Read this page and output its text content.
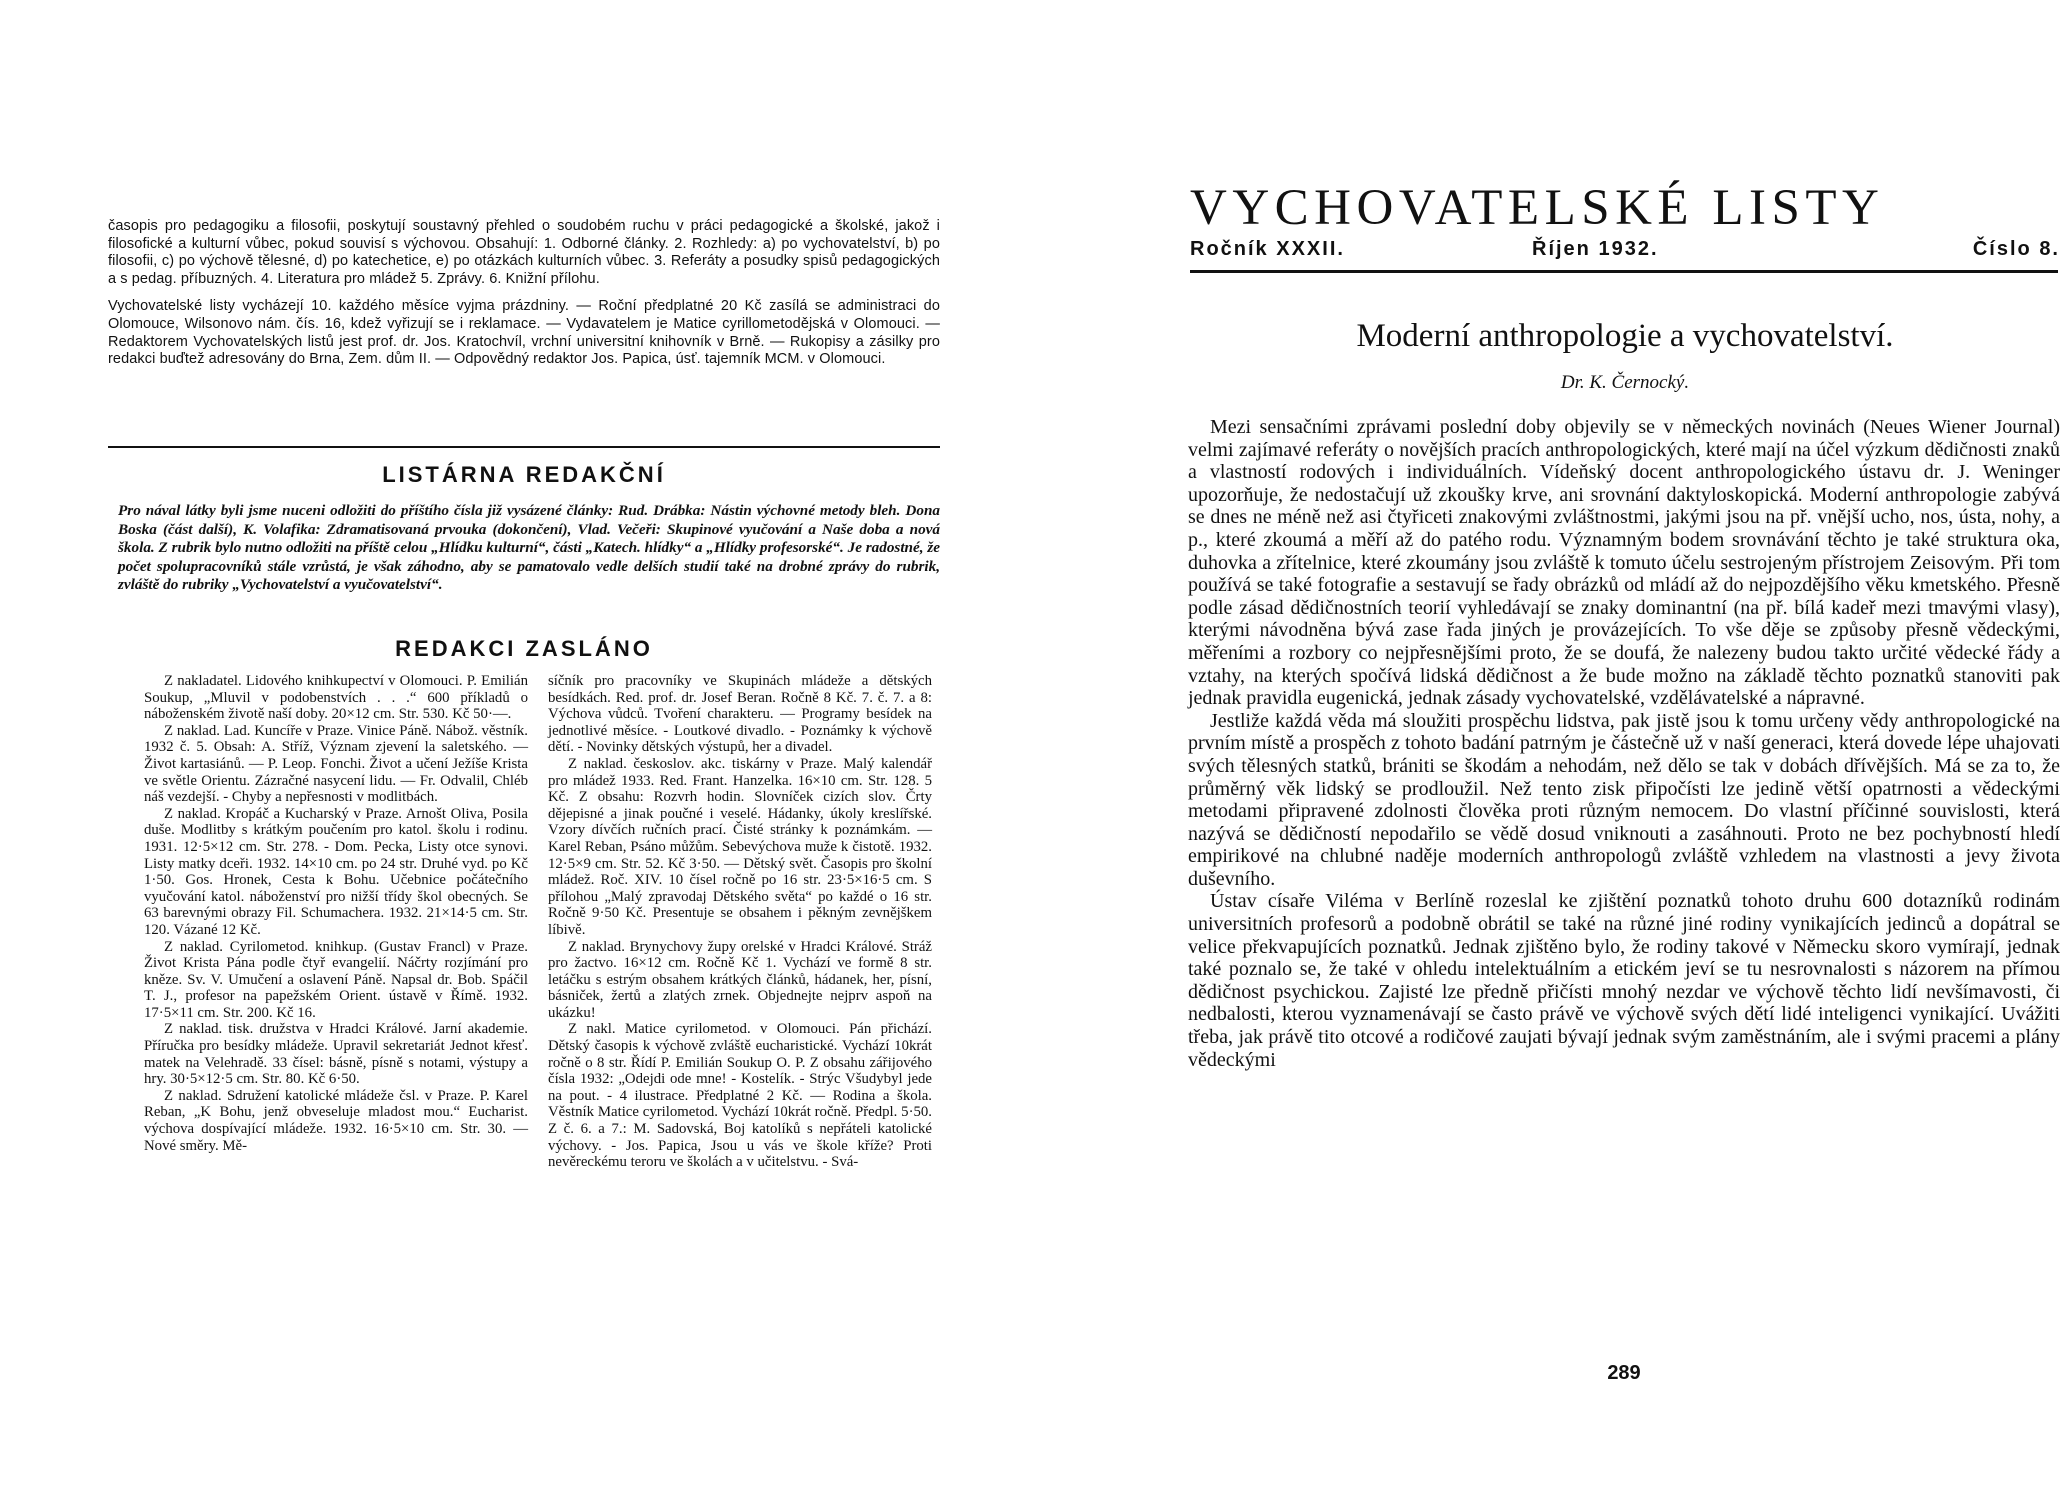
časopis pro pedagogiku a filosofii, poskytují soustavný přehled o soudobém ruchu v práci pedagogické a školské, jakož i filosofické a kulturní vůbec, pokud souvisí s výchovou. Obsahují: 1. Odborné články. 2. Rozhledy: a) po vychovatelství, b) po filosofii, c) po výchově tělesné, d) po katechetice, e) po otázkách kulturních vůbec. 3. Referáty a posudky spisů pedagogických a s pedag. příbuzných. 4. Literatura pro mládež 5. Zprávy. 6. Knižní přílohu.

Vychovatelské listy vycházejí 10. každého měsíce vyjma prázdniny. — Roční předplatné 20 Kč zasílá se administraci do Olomouce, Wilsonovo nám. čís. 16, kdež vyřizují se i reklamace. — Vydavatelem je Matice cyrillometodějská v Olomouci. — Redaktorem Vychovatelských listů jest prof. dr. Jos. Kratochvíl, vrchní universitní knihovník v Brně. — Rukopisy a zásilky pro redakci buďtež adresovány do Brna, Zem. dům II. — Odpovědný redaktor Jos. Papica, úsť. tajemník MCM. v Olomouci.

LISTÁRNA REDAKČNÍ
Pro nával látky byli jsme nuceni odložiti do příštího čísla již vysázené články: Rud. Drábka: Nástin výchovné metody bleh. Dona Boska (část další), K. Volafika: Zdramatisovaná prvouka (dokončení), Vlad. Večeři: Skupinové vyučování a Naše doba a nová škola. Z rubrik bylo nutno odložiti na příště celou „Hlídku kulturní“, části „Katech. hlídky“ a „Hlídky profesorské“. Je radostné, že počet spolupracovníků stále vzrůstá, je však záhodno, aby se pamatovalo vedle delších studií také na drobné zprávy do rubrik, zvláště do rubriky „Vychovatelství a vyučovatelství“.
REDAKCI ZASLÁNO

Z nakladatel. Lidového knihkupectví v Olomouci. P. Emilián Soukup, „Mluvil v podobenstvích . . .“ 600 příkladů o náboženském životě naší doby. 20×12 cm. Str. 530. Kč 50·—.

Z naklad. Lad. Kuncíře v Praze. Vinice Páně. Nábož. věstník. 1932 č. 5. Obsah: A. Stříž, Význam zjevení la saletského. — Život kartasiánů. — P. Leop. Fonchi. Život a učení Ježíše Krista ve světle Orientu. Zázračné nasycení lidu. — Fr. Odvalil, Chléb náš vezdejší. - Chyby a nepřesnosti v modlitbách.

Z naklad. Kropáč a Kucharský v Praze. Arnošt Oliva, Posila duše. Modlitby s krátkým poučením pro katol. školu i rodinu. 1931. 12·5×12 cm. Str. 278. - Dom. Pecka, Listy otce synovi. Listy matky dceři. 1932. 14×10 cm. po 24 str. Druhé vyd. po Kč 1·50. Gos. Hronek, Cesta k Bohu. Učebnice počátečního vyučování katol. náboženství pro nižší třídy škol obecných. Se 63 barevnými obrazy Fil. Schumachera. 1932. 21×14·5 cm. Str. 120. Vázané 12 Kč.

Z naklad. Cyrilometod. knihkup. (Gustav Francl) v Praze. Život Krista Pána podle čtyř evangelií. Náčrty rozjímání pro kněze. Sv. V. Umučení a oslavení Páně. Napsal dr. Bob. Spáčil T. J., profesor na papežském Orient. ústavě v Římě. 1932. 17·5×11 cm. Str. 200. Kč 16.

Z naklad. tisk. družstva v Hradci Králové. Jarní akademie. Příručka pro besídky mládeže. Upravil sekretariát Jednot křesť. matek na Velehradě. 33 čísel: básně, písně s notami, výstupy a hry. 30·5×12·5 cm. Str. 80. Kč 6·50.

Z naklad. Sdružení katolické mládeže čsl. v Praze. P. Karel Reban, „K Bohu, jenž obveseluje mladost mou.“ Eucharist. výchova dospívající mládeže. 1932. 16·5×10 cm. Str. 30. — Nové směry. Mě-

síčník pro pracovníky ve Skupinách mládeže a dětských besídkách. Red. prof. dr. Josef Beran. Ročně 8 Kč. 7. č. 7. a 8: Výchova vůdců. Tvoření charakteru. — Programy besídek na jednotlivé měsíce. - Loutkové divadlo. - Poznámky k výchově dětí. - Novinky dětských výstupů, her a divadel.

Z naklad. českoslov. akc. tiskárny v Praze. Malý kalendář pro mládež 1933. Red. Frant. Hanzelka. 16×10 cm. Str. 128. 5 Kč. Z obsahu: Rozvrh hodin. Slovníček cizích slov. Črty dějepisné a jinak poučné i veselé. Hádanky, úkoly kreslířské. Vzory dívčích ručních prací. Čisté stránky k poznámkám. — Karel Reban, Psáno můžům. Sebevýchova muže k čistotě. 1932. 12·5×9 cm. Str. 52. Kč 3·50. — Dětský svět. Časopis pro školní mládež. Roč. XIV. 10 čísel ročně po 16 str. 23·5×16·5 cm. S přílohou „Malý zpravodaj Dětského světa“ po každé o 16 str. Ročně 9·50 Kč. Presentuje se obsahem i pěkným zevnějškem líbivě.

Z naklad. Brynychovy župy orelské v Hradci Králové. Stráž pro žactvo. 16×12 cm. Ročně Kč 1. Vychází ve formě 8 str. letáčku s estrým obsahem krátkých článků, hádanek, her, písní, básniček, žertů a zlatých zrnek. Objednejte nejprv aspoň na ukázku!

Z nakl. Matice cyrilometod. v Olomouci. Pán přichází. Dětský časopis k výchově zvláště eucharistické. Vychází 10krát ročně o 8 str. Řídí P. Emilián Soukup O. P. Z obsahu zářijového čísla 1932: „Odejdi ode mne! - Kostelík. - Strýc Všudybyl jede na pout. - 4 ilustrace. Předplatné 2 Kč. — Rodina a škola. Věstník Matice cyrilometod. Vychází 10krát ročně. Předpl. 5·50. Z č. 6. a 7.: M. Sadovská, Boj katolíků s nepřáteli katolické výchovy. - Jos. Papica, Jsou u vás ve škole kříže? Proti nevěreckému teroru ve školách a v učitelstvu. - Svá-

VYCHOVATELSKÉ LISTY
Ročník XXXII.	Říjen 1932.	Číslo 8.
Moderní anthropologie a vychovatelství.
Dr. K. Černocký.

Mezi sensačními zprávami poslední doby objevily se v německých novinách (Neues Wiener Journal) velmi zajímavé referáty o novějších pracích anthropologických, které mají na účel výzkum dědičnosti znaků a vlastností rodových i individuálních. Vídeňský docent anthropologického ústavu dr. J. Weninger upozorňuje, že nedostačují už zkoušky krve, ani srovnání daktyloskopická. Moderní anthropologie zabývá se dnes ne méně než asi čtyřiceti znakovými zvláštnostmi, jakými jsou na př. vnější ucho, nos, ústa, nohy, a p., které zkoumá a měří až do patého rodu. Významným bodem srovnávání těchto je také struktura oka, duhovka a zřítelnice, které zkoumány jsou zvláště k tomuto účelu sestrojeným přístrojem Zeisovým. Při tom používá se také fotografie a sestavují se řady obrázků od mládí až do nejpozdějšího věku kmetského. Přesně podle zásad dědičnostních teorií vyhledávají se znaky dominantní (na př. bílá kadeř mezi tmavými vlasy), kterými návodněna bývá zase řada jiných je provázejících. To vše děje se způsoby přesně vědeckými, měřeními a rozbory co nejpřesnějšími proto, že se doufá, že nalezeny budou takto určité vědecké řády a vztahy, na kterých spočívá lidská dědičnost a že bude možno na základě těchto poznatků stanoviti pak jednak pravidla eugenická, jednak zásady vychovatelské, vzdělávatelské a nápravné.

Jestliže každá věda má sloužiti prospěchu lidstva, pak jistě jsou k tomu určeny vědy anthropologické na prvním místě a prospěch z tohoto badání patrným je částečně už v naší generaci, která dovede lépe uhajovati svých tělesných statků, brániti se škodám a nehodám, než dělo se tak v dobách dřívějších. Má se za to, že průměrný věk lidský se prodloužil. Než tento zisk připočísti lze jedině větší opatrnosti a vědeckými metodami připravené zdolnosti člověka proti různým nemocem. Do vlastní příčinné souvislosti, která nazývá se dědičností nepodařilo se vědě dosud vniknouti a zasáhnouti. Proto ne bez pochybností hledí empirikové na chlubné naděje moderních anthropologů zvláště vzhledem na vlastnosti a jevy života duševního.

Ústav císaře Viléma v Berlíně rozeslal ke zjištění poznatků tohoto druhu 600 dotazníků rodinám universitních profesorů a podobně obrátil se také na různé jiné rodiny vynikajících jedinců a dopátral se velice překvapujících poznatků. Jednak zjištěno bylo, že rodiny takové v Německu skoro vymírají, jednak také poznalo se, že také v ohledu intelektuálním a etickém jeví se tu nesrovnalosti s názorem na přímou dědičnost psychickou. Zajisté lze předně přičísti mnohý nezdar ve výchově těchto lidí nevšímavosti, či nedbalosti, kterou vyznamenávají se často právě ve výchově svých dětí lidé inteligenci vynikající. Uvážiti třeba, jak právě tito otcové a rodičové zaujati bývají jednak svým zaměstnáním, ale i svými pracemi a plány vědeckými

289
